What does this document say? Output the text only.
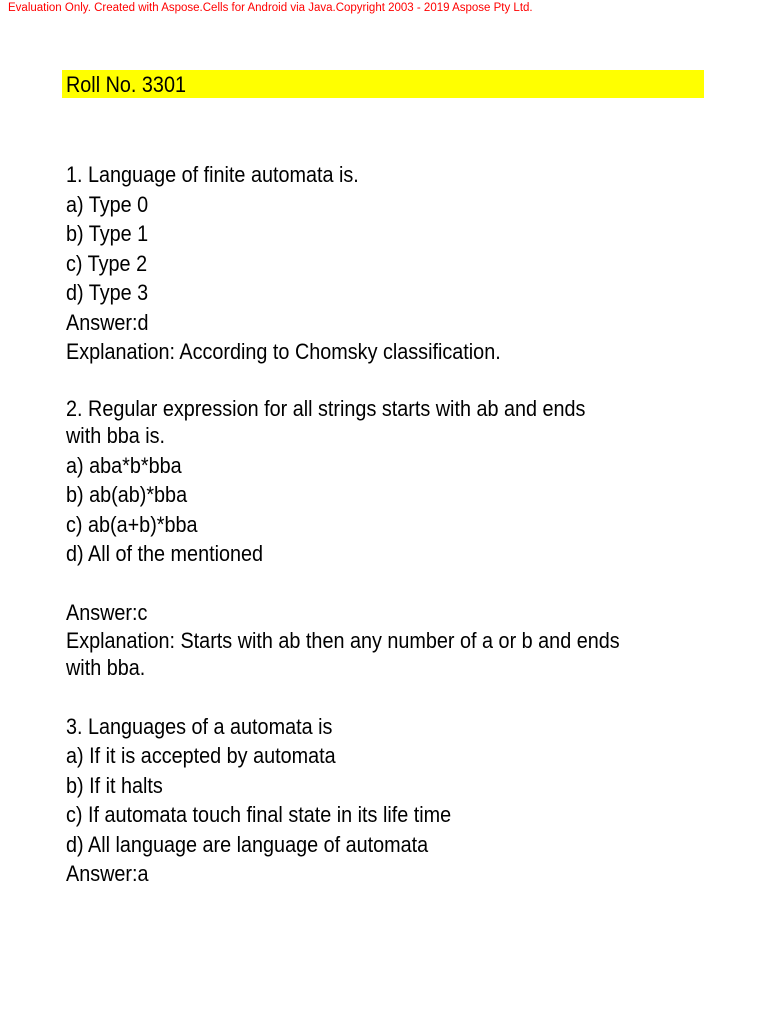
Evaluation Only. Created with Aspose.Cells for Android via Java.Copyright 2003 - 2019 Aspose Pty Ltd.
Roll No. 3301
1. Language of finite automata is.
a) Type 0
b) Type 1
c) Type 2
d) Type 3
Answer:d
Explanation: According to Chomsky classification.
2. Regular expression for all strings starts with ab and ends
with bba is.
a) aba*b*bba
b) ab(ab)*bba
c) ab(a+b)*bba
d) All of the mentioned
Answer:c
Explanation: Starts with ab then any number of a or b and ends
with bba.
3. Languages of a automata is
a) If it is accepted by automata
b) If it halts
c) If automata touch final state in its life time
d) All language are language of automata
Answer:a
